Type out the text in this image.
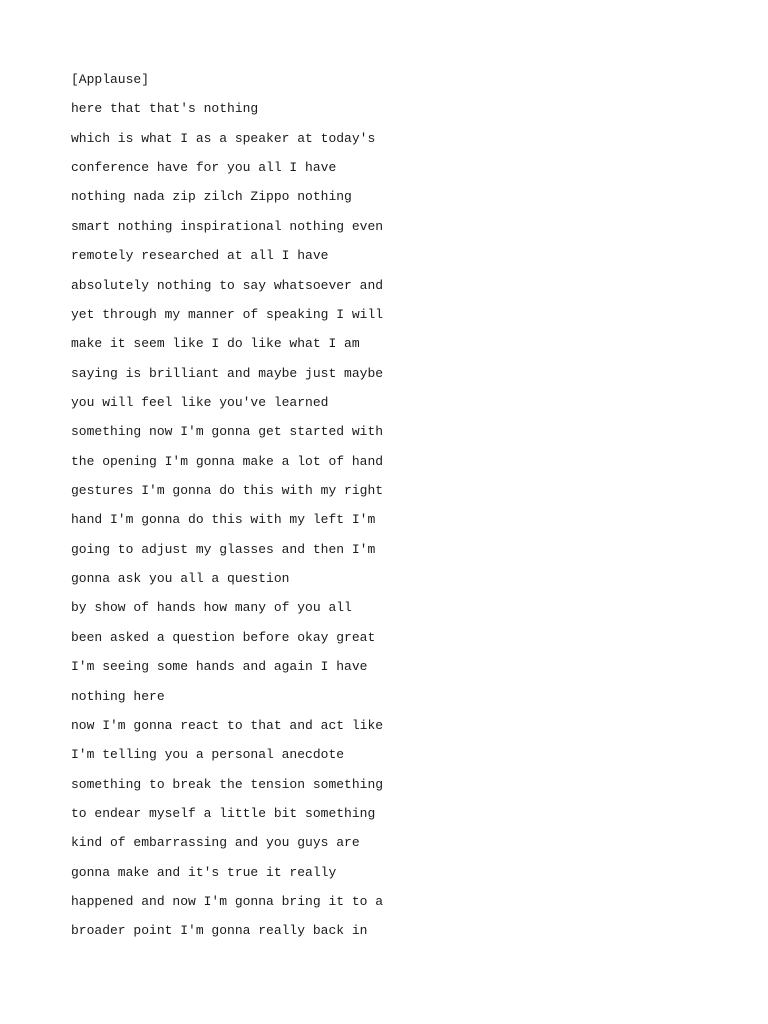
[Applause]
here that that's nothing
which is what I as a speaker at today's
conference have for you all I have
nothing nada zip zilch Zippo nothing
smart nothing inspirational nothing even
remotely researched at all I have
absolutely nothing to say whatsoever and
yet through my manner of speaking I will
make it seem like I do like what I am
saying is brilliant and maybe just maybe
you will feel like you've learned
something now I'm gonna get started with
the opening I'm gonna make a lot of hand
gestures I'm gonna do this with my right
hand I'm gonna do this with my left I'm
going to adjust my glasses and then I'm
gonna ask you all a question
by show of hands how many of you all
been asked a question before okay great
I'm seeing some hands and again I have
nothing here
now I'm gonna react to that and act like
I'm telling you a personal anecdote
something to break the tension something
to endear myself a little bit something
kind of embarrassing and you guys are
gonna make and it's true it really
happened and now I'm gonna bring it to a
broader point I'm gonna really back in
